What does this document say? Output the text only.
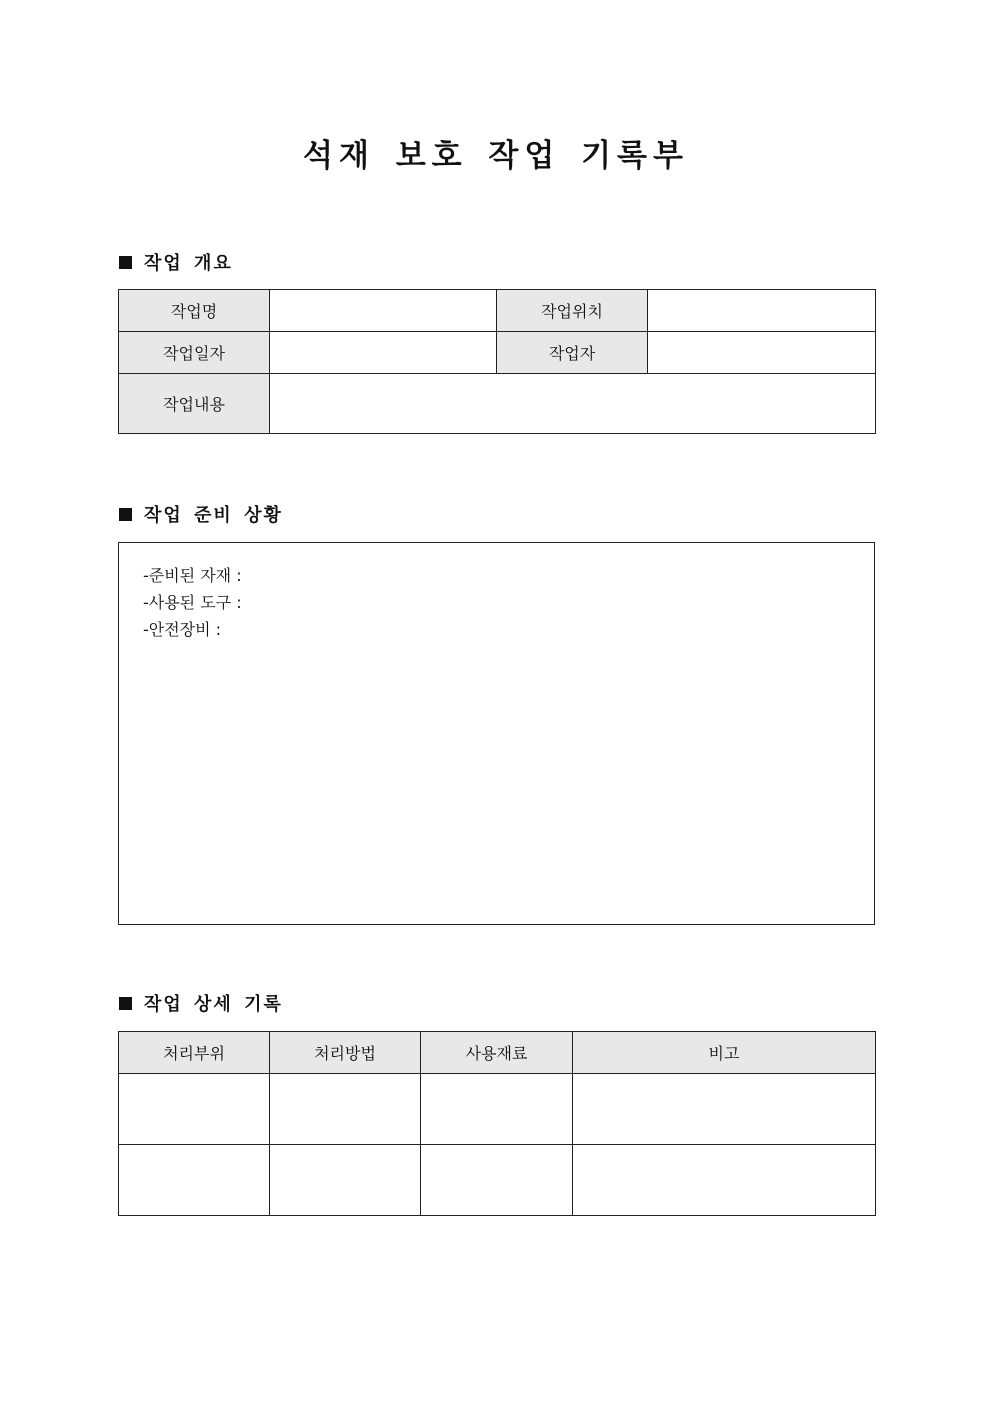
석재 보호 작업 기록부
작업 개요
작업명		작업위치	
작업일자		작업자	
작업내용			
작업 준비 상황
-준비된 자재 :
-사용된 도구 :
-안전장비 :
작업 상세 기록
처리부위	처리방법	사용재료	비고
